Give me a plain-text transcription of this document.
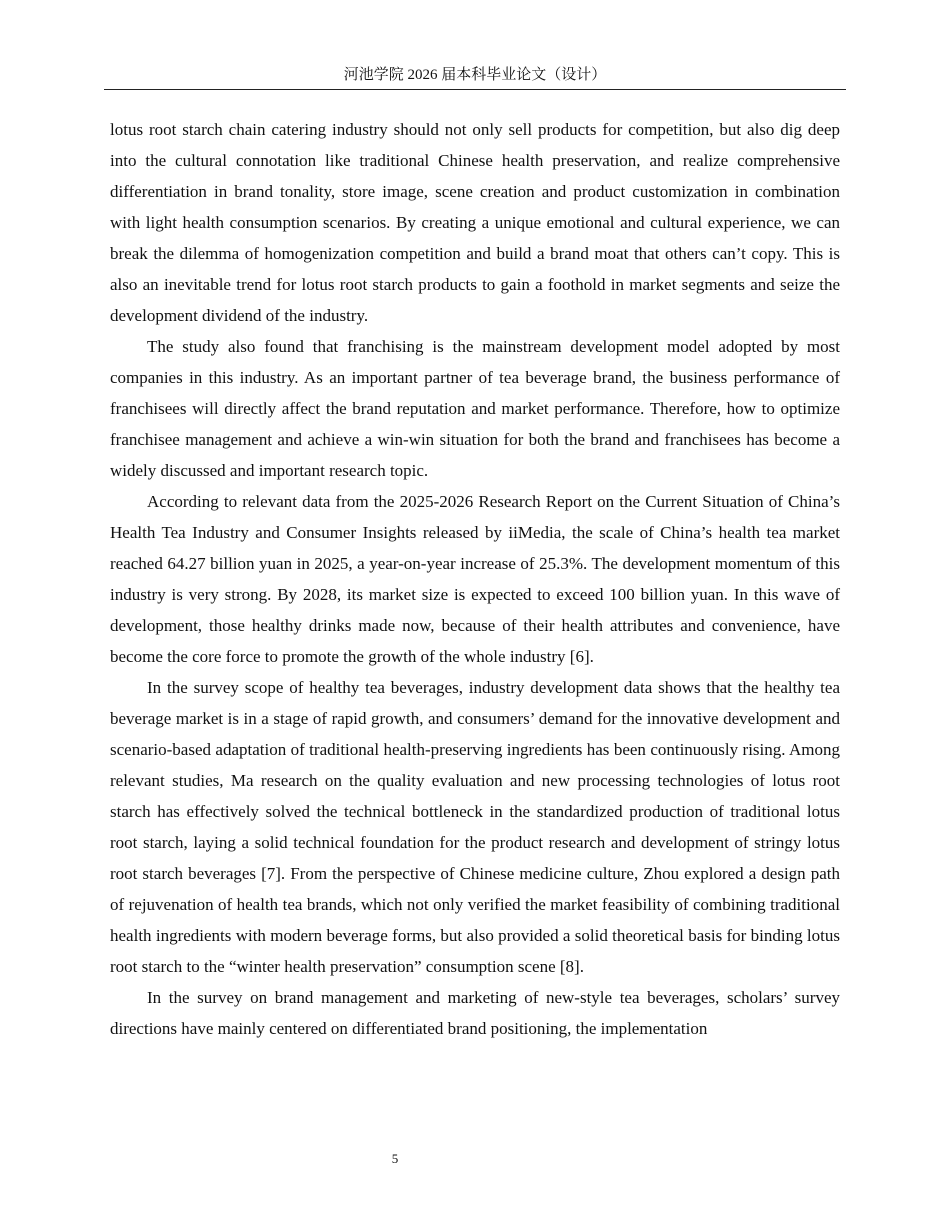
河池学院 2026 届本科毕业论文（设计）

lotus root starch chain catering industry should not only sell products for competition, but also dig deep into the cultural connotation like traditional Chinese health preservation, and realize comprehensive differentiation in brand tonality, store image, scene creation and product customization in combination with light health consumption scenarios. By creating a unique emotional and cultural experience, we can break the dilemma of homogenization competition and build a brand moat that others can’t copy. This is also an inevitable trend for lotus root starch products to gain a foothold in market segments and seize the development dividend of the industry.

The study also found that franchising is the mainstream development model adopted by most companies in this industry. As an important partner of tea beverage brand, the business performance of franchisees will directly affect the brand reputation and market performance. Therefore, how to optimize franchisee management and achieve a win-win situation for both the brand and franchisees has become a widely discussed and important research topic.

According to relevant data from the 2025-2026 Research Report on the Current Situation of China’s Health Tea Industry and Consumer Insights released by iiMedia, the scale of China’s health tea market reached 64.27 billion yuan in 2025, a year-on-year increase of 25.3%. The development momentum of this industry is very strong. By 2028, its market size is expected to exceed 100 billion yuan. In this wave of development, those healthy drinks made now, because of their health attributes and convenience, have become the core force to promote the growth of the whole industry [6].

In the survey scope of healthy tea beverages, industry development data shows that the healthy tea beverage market is in a stage of rapid growth, and consumers’ demand for the innovative development and scenario-based adaptation of traditional health-preserving ingredients has been continuously rising. Among relevant studies, Ma research on the quality evaluation and new processing technologies of lotus root starch has effectively solved the technical bottleneck in the standardized production of traditional lotus root starch, laying a solid technical foundation for the product research and development of stringy lotus root starch beverages [7]. From the perspective of Chinese medicine culture, Zhou explored a design path of rejuvenation of health tea brands, which not only verified the market feasibility of combining traditional health ingredients with modern beverage forms, but also provided a solid theoretical basis for binding lotus root starch to the “winter health preservation” consumption scene [8].

In the survey on brand management and marketing of new-style tea beverages, scholars’ survey directions have mainly centered on differentiated brand positioning, the implementation

5
